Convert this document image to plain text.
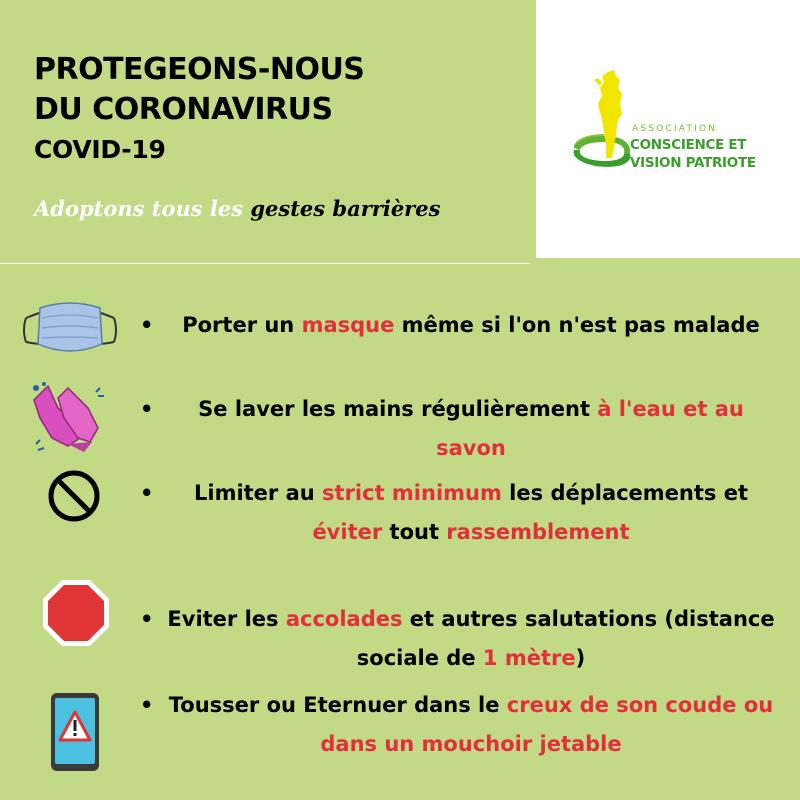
PROTEGEONS-NOUS
DU CORONAVIRUS
COVID-19
Adoptons tous les gestes barrières
ASSOCIATION
CONSCIENCE ET
VISION PATRIOTE
•	Porter un masque même si l'on n'est pas malade
•	Se laver les mains régulièrement à l'eau et au savon
•	Limiter au strict minimum les déplacements et éviter tout rassemblement
• Eviter les accolades et autres salutations (distance sociale de 1 mètre)
• Tousser ou Eternuer dans le creux de son coude ou dans un mouchoir jetable
